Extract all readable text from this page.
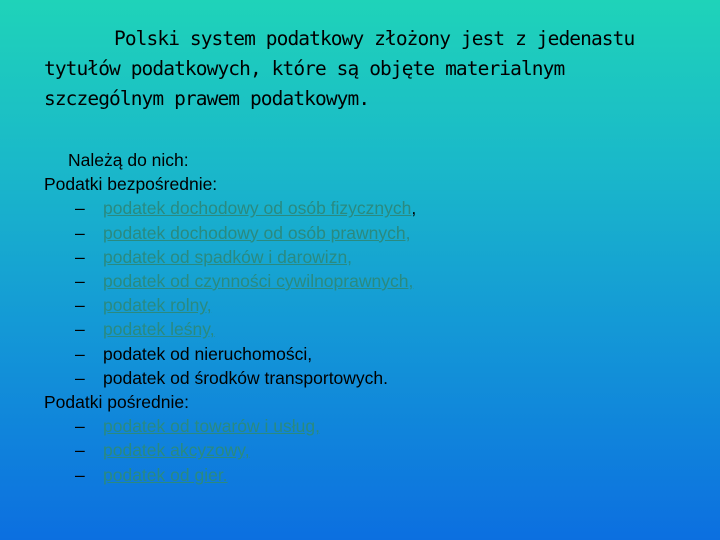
Polski system podatkowy złożony jest z jedenastu
tytułów podatkowych, które są objęte materialnym
szczególnym prawem podatkowym.
Należą do nich:
Podatki bezpośrednie:
– podatek dochodowy od osób fizycznych,
– podatek dochodowy od osób prawnych,
– podatek od spadków i darowizn,
– podatek od czynności cywilnoprawnych,
– podatek rolny,
– podatek leśny,
– podatek od nieruchomości,
– podatek od środków transportowych.
Podatki pośrednie:
– podatek od towarów i usług,
– podatek akcyzowy,
– podatek od gier.
